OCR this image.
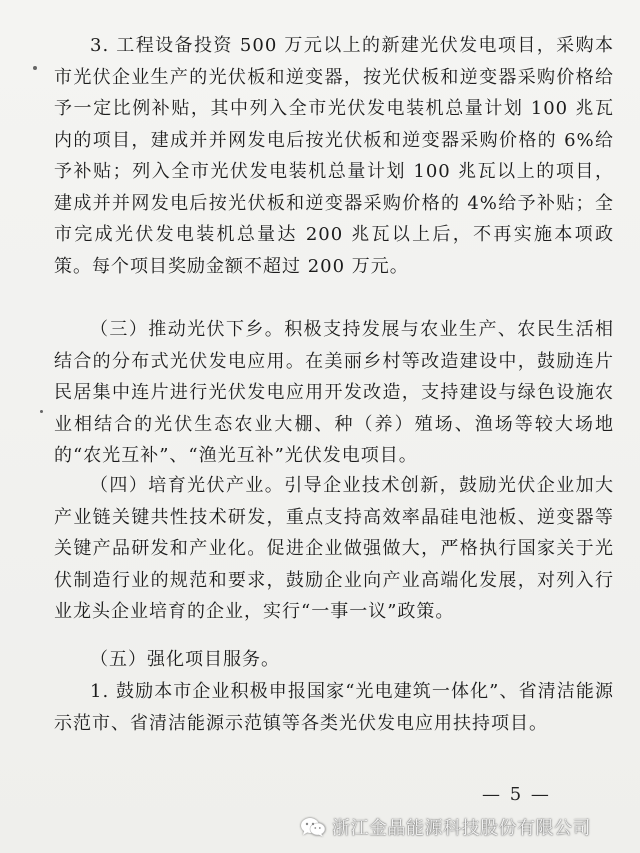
3. 工程设备投资 500 万元以上的新建光伏发电项目，采购本市光伏企业生产的光伏板和逆变器，按光伏板和逆变器采购价格给予一定比例补贴，其中列入全市光伏发电装机总量计划 100 兆瓦内的项目，建成并并网发电后按光伏板和逆变器采购价格的 6%给予补贴；列入全市光伏发电装机总量计划 100 兆瓦以上的项目，建成并并网发电后按光伏板和逆变器采购价格的 4%给予补贴；全市完成光伏发电装机总量达 200 兆瓦以上后，不再实施本项政策。每个项目奖励金额不超过 200 万元。

（三）推动光伏下乡。积极支持发展与农业生产、农民生活相结合的分布式光伏发电应用。在美丽乡村等改造建设中，鼓励连片民居集中连片进行光伏发电应用开发改造，支持建设与绿色设施农业相结合的光伏生态农业大棚、种（养）殖场、渔场等较大场地的“农光互补”、“渔光互补”光伏发电项目。

（四）培育光伏产业。引导企业技术创新，鼓励光伏企业加大产业链关键共性技术研发，重点支持高效率晶硅电池板、逆变器等关键产品研发和产业化。促进企业做强做大，严格执行国家关于光伏制造行业的规范和要求，鼓励企业向产业高端化发展，对列入行业龙头企业培育的企业，实行“一事一议”政策。

（五）强化项目服务。

1. 鼓励本市企业积极申报国家“光电建筑一体化”、省清洁能源示范市、省清洁能源示范镇等各类光伏发电应用扶持项目。

— 5 —
浙江金晶能源科技股份有限公司
